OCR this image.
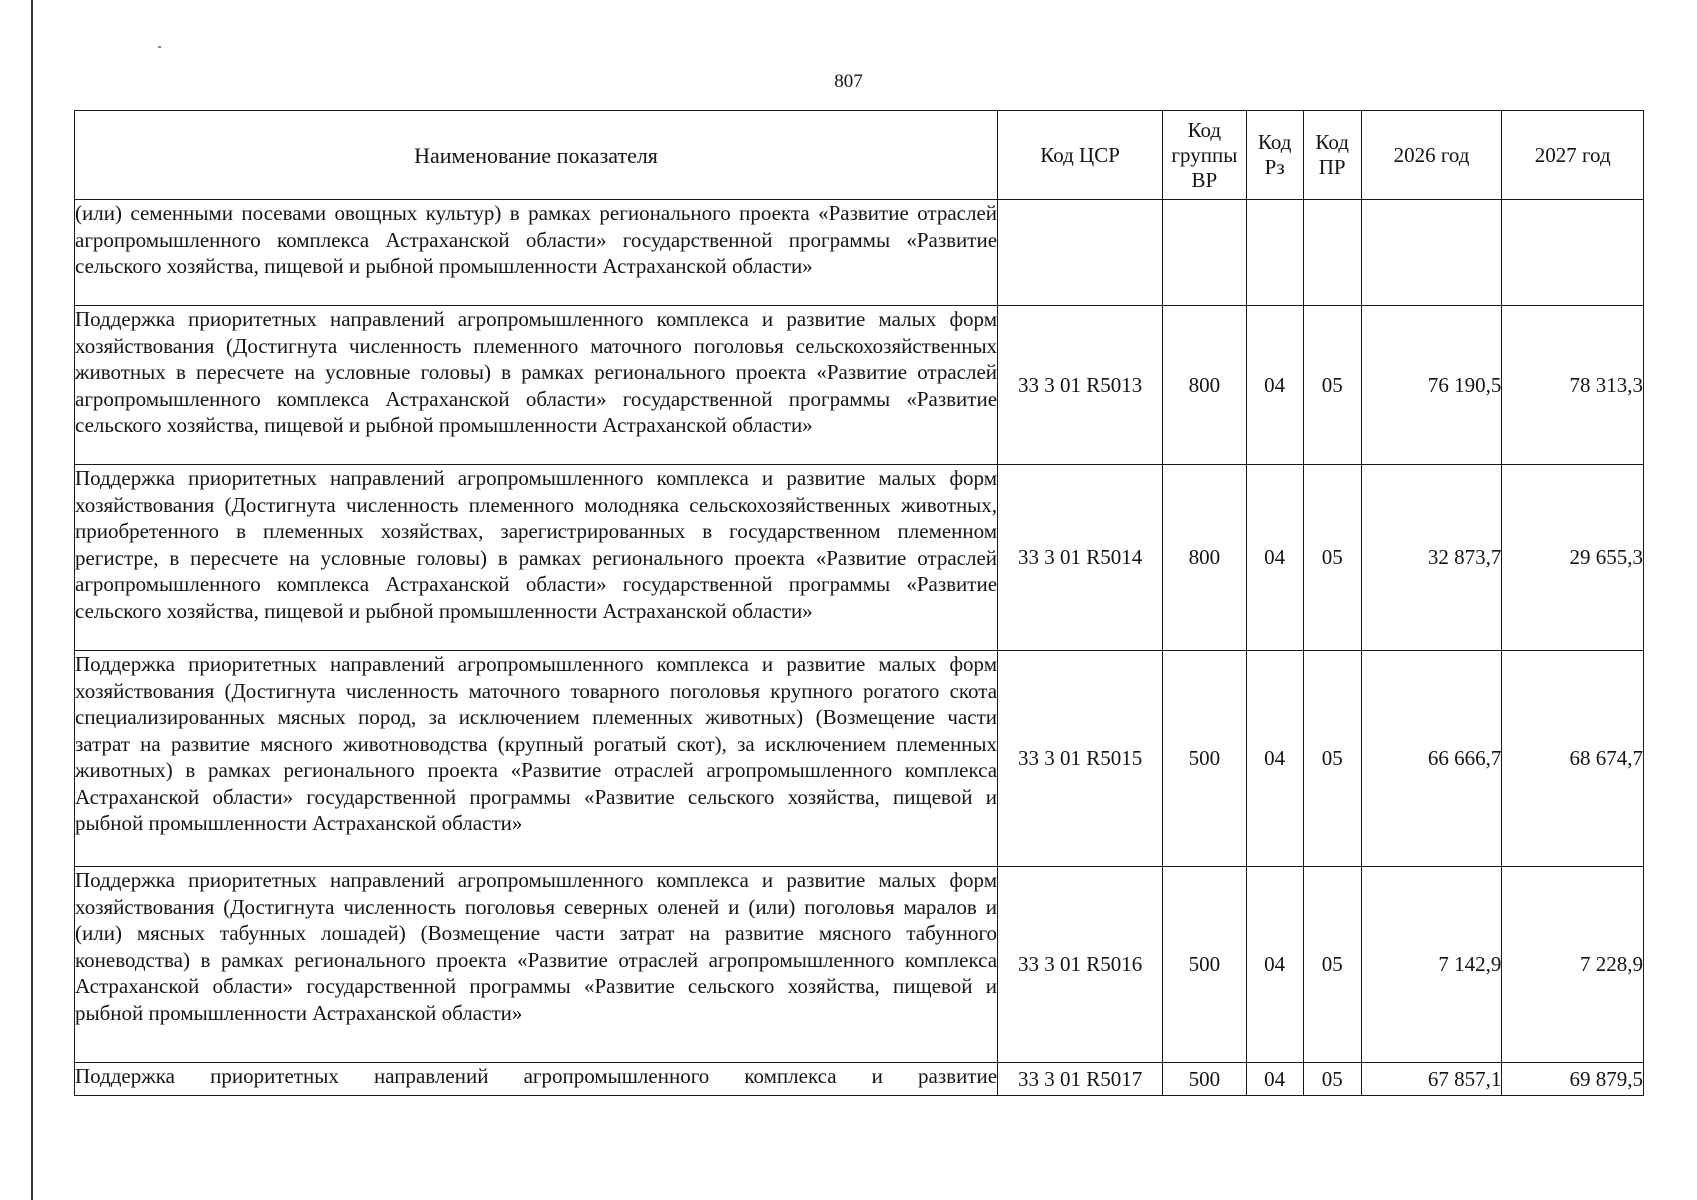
807
Наименование показателя	Код ЦСР	Код группы ВР	Код Рз	Код ПР	2026 год	2027 год
(или) семенными посевами овощных культур) в рамках регионального проекта «Развитие отраслей агропромышленного комплекса Астраханской области» государственной программы «Развитие сельского хозяйства, пищевой и рыбной промышленности Астраханской области»						
Поддержка приоритетных направлений агропромышленного комплекса и развитие малых форм хозяйствования (Достигнута численность племенного маточного поголовья сельскохозяйственных животных в пересчете на условные головы) в рамках регионального проекта «Развитие отраслей агропромышленного комплекса Астраханской области» государственной программы «Развитие сельского хозяйства, пищевой и рыбной промышленности Астраханской области»	33 3 01 R5013	800	04	05	76 190,5	78 313,3
Поддержка приоритетных направлений агропромышленного комплекса и развитие малых форм хозяйствования (Достигнута численность племенного молодняка сельскохозяйственных животных, приобретенного в племенных хозяйствах, зарегистрированных в государственном племенном регистре, в пересчете на условные головы) в рамках регионального проекта «Развитие отраслей агропромышленного комплекса Астраханской области» государственной программы «Развитие сельского хозяйства, пищевой и рыбной промышленности Астраханской области»	33 3 01 R5014	800	04	05	32 873,7	29 655,3
Поддержка приоритетных направлений агропромышленного комплекса и развитие малых форм хозяйствования (Достигнута численность маточного товарного поголовья крупного рогатого скота специализированных мясных пород, за исключением племенных животных) (Возмещение части затрат на развитие мясного животноводства (крупный рогатый скот), за исключением племенных животных) в рамках регионального проекта «Развитие отраслей агропромышленного комплекса Астраханской области» государственной программы «Развитие сельского хозяйства, пищевой и рыбной промышленности Астраханской области»	33 3 01 R5015	500	04	05	66 666,7	68 674,7
Поддержка приоритетных направлений агропромышленного комплекса и развитие малых форм хозяйствования (Достигнута численность поголовья северных оленей и (или) поголовья маралов и (или) мясных табунных лошадей) (Возмещение части затрат на развитие мясного табунного коневодства) в рамках регионального проекта «Развитие отраслей агропромышленного комплекса Астраханской области» государственной программы «Развитие сельского хозяйства, пищевой и рыбной промышленности Астраханской области»	33 3 01 R5016	500	04	05	7 142,9	7 228,9
Поддержка приоритетных направлений агропромышленного комплекса и развитие	33 3 01 R5017	500	04	05	67 857,1	69 879,5
